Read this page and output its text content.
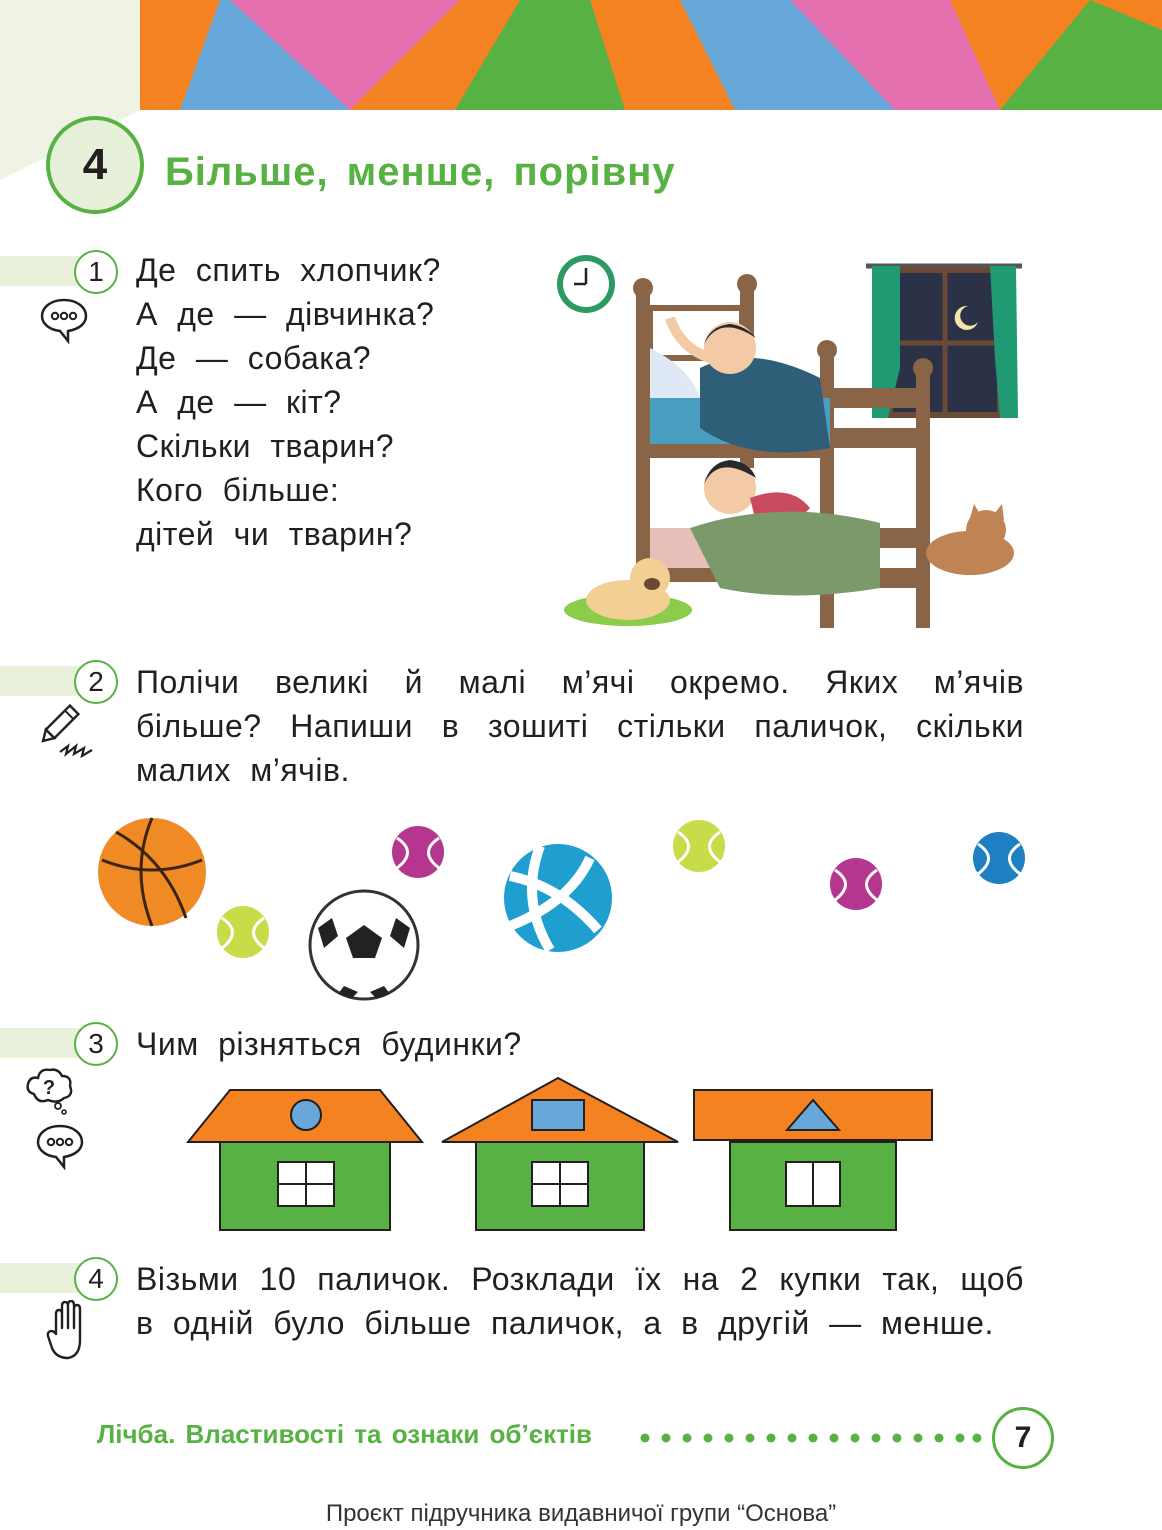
4	Більше, менше, порівну
1	Де спить хлопчик?
А де — дівчинка?
Де — собака?
А де — кіт?
Скільки тварин?
Кого більше:
дітей чи тварин?
2	Полічи великі й малі м’ячі окремо. Яких м’ячів більше? Напиши в зошиті стільки паличок, скільки малих м’ячів.
3
?
Чим різняться будинки?
4	Візьми 10 паличок. Розклади їх на 2 купки так, щоб в одній було більше паличок, а в другій — менше.
Лічба. Властивості та ознаки об’єктів	7
Проєкт підручника видавничої групи “Основа”
